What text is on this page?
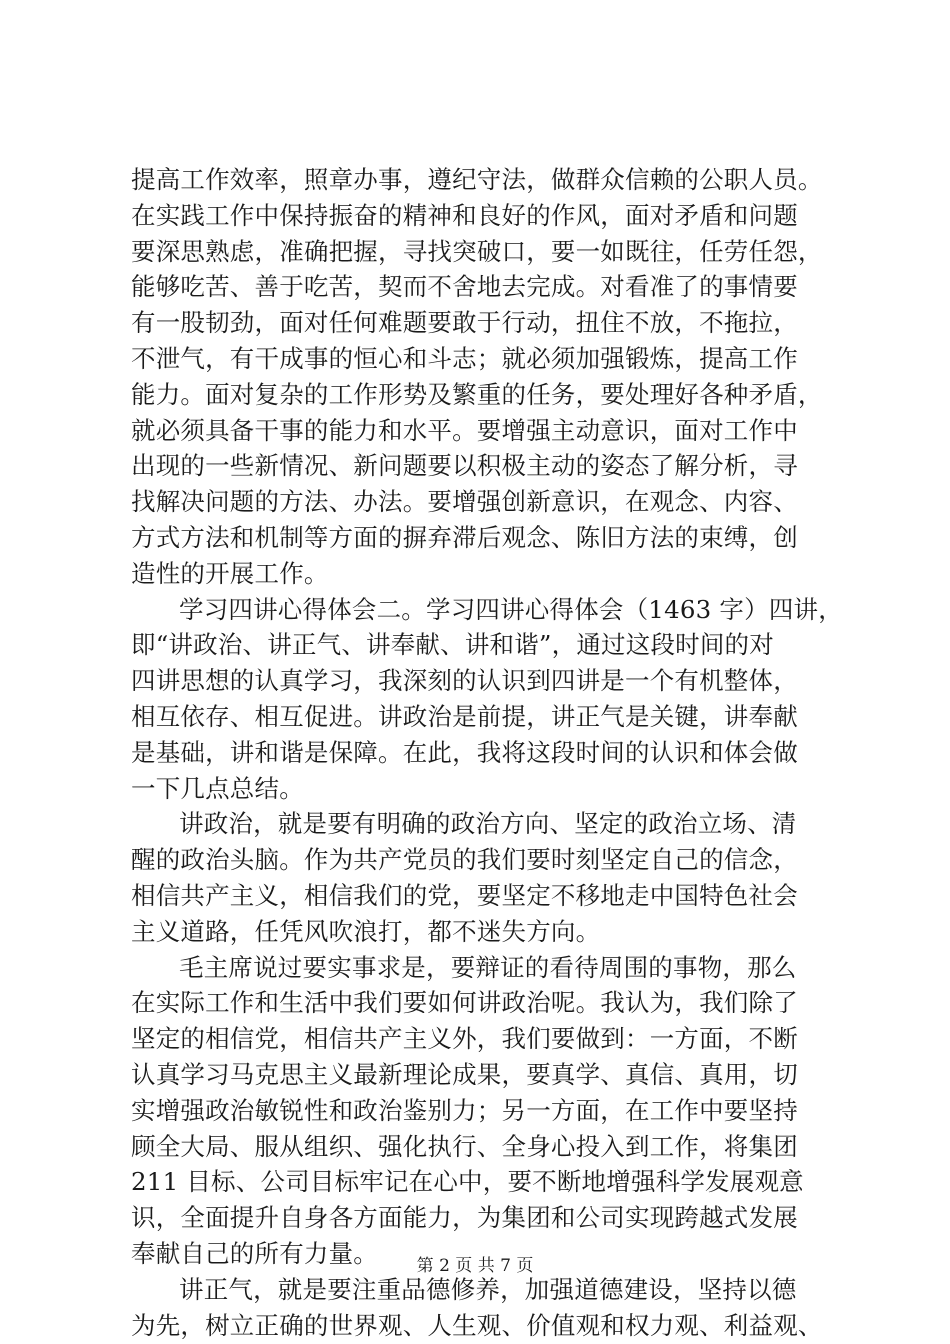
提高工作效率，照章办事，遵纪守法，做群众信赖的公职人员。
在实践工作中保持振奋的精神和良好的作风，面对矛盾和问题
要深思熟虑，准确把握，寻找突破口，要一如既往，任劳任怨，
能够吃苦、善于吃苦，契而不舍地去完成。对看准了的事情要
有一股韧劲，面对任何难题要敢于行动，扭住不放，不拖拉，
不泄气，有干成事的恒心和斗志；就必须加强锻炼，提高工作
能力。面对复杂的工作形势及繁重的任务，要处理好各种矛盾，
就必须具备干事的能力和水平。要增强主动意识，面对工作中
出现的一些新情况、新问题要以积极主动的姿态了解分析，寻
找解决问题的方法、办法。要增强创新意识，在观念、内容、
方式方法和机制等方面的摒弃滞后观念、陈旧方法的束缚，创
造性的开展工作。
学习四讲心得体会二。学习四讲心得体会（1463 字）四讲，
即“讲政治、讲正气、讲奉献、讲和谐”，通过这段时间的对
四讲思想的认真学习，我深刻的认识到四讲是一个有机整体，
相互依存、相互促进。讲政治是前提，讲正气是关键，讲奉献
是基础，讲和谐是保障。在此，我将这段时间的认识和体会做
一下几点总结。
讲政治，就是要有明确的政治方向、坚定的政治立场、清
醒的政治头脑。作为共产党员的我们要时刻坚定自己的信念，
相信共产主义，相信我们的党，要坚定不移地走中国特色社会
主义道路，任凭风吹浪打，都不迷失方向。
毛主席说过要实事求是，要辩证的看待周围的事物，那么
在实际工作和生活中我们要如何讲政治呢。我认为，我们除了
坚定的相信党，相信共产主义外，我们要做到：一方面，不断
认真学习马克思主义最新理论成果，要真学、真信、真用，切
实增强政治敏锐性和政治鉴别力；另一方面，在工作中要坚持
顾全大局、服从组织、强化执行、全身心投入到工作，将集团
211 目标、公司目标牢记在心中，要不断地增强科学发展观意
识，全面提升自身各方面能力，为集团和公司实现跨越式发展
奉献自己的所有力量。
讲正气，就是要注重品德修养，加强道德建设，坚持以德
为先，树立正确的世界观、人生观、价值观和权力观、利益观、
第 2 页 共 7 页
